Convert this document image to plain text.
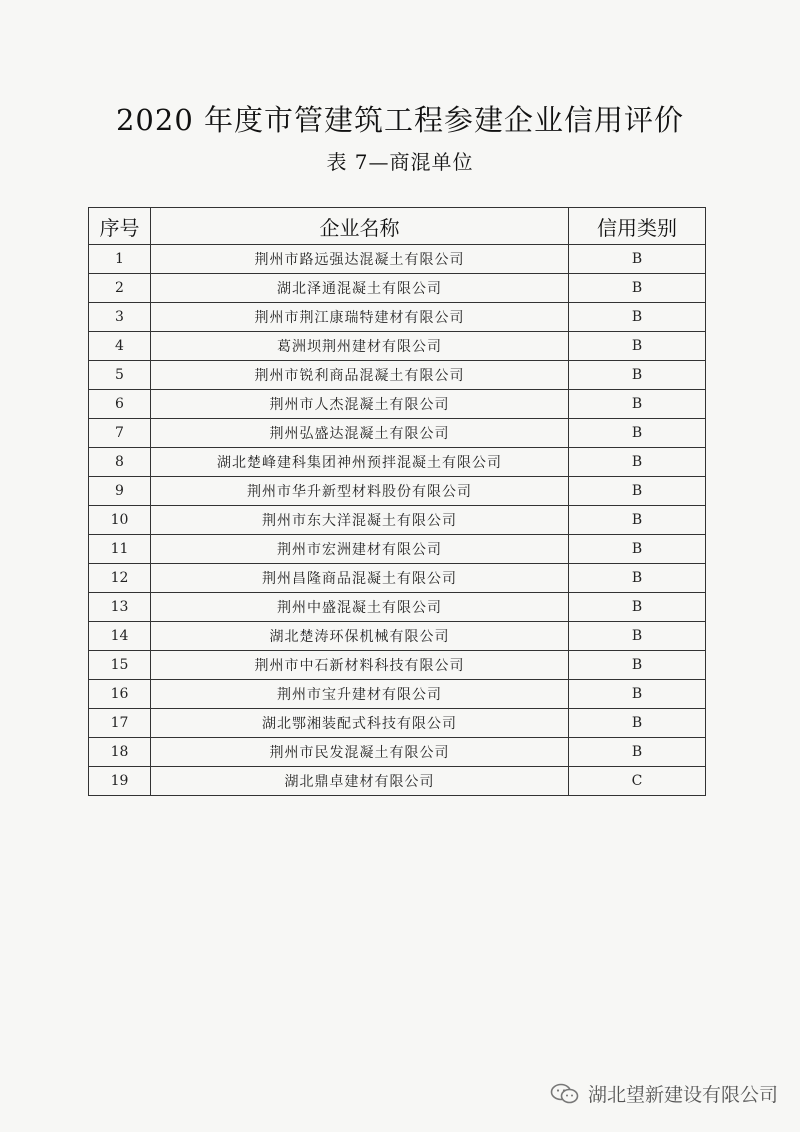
2020 年度市管建筑工程参建企业信用评价
表 7—商混单位
序号	企业名称	信用类别
1	荆州市路远强达混凝土有限公司	B
2	湖北泽通混凝土有限公司	B
3	荆州市荆江康瑞特建材有限公司	B
4	葛洲坝荆州建材有限公司	B
5	荆州市锐利商品混凝土有限公司	B
6	荆州市人杰混凝土有限公司	B
7	荆州弘盛达混凝土有限公司	B
8	湖北楚峰建科集团神州预拌混凝土有限公司	B
9	荆州市华升新型材料股份有限公司	B
10	荆州市东大洋混凝土有限公司	B
11	荆州市宏洲建材有限公司	B
12	荆州昌隆商品混凝土有限公司	B
13	荆州中盛混凝土有限公司	B
14	湖北楚涛环保机械有限公司	B
15	荆州市中石新材料科技有限公司	B
16	荆州市宝升建材有限公司	B
17	湖北鄂湘装配式科技有限公司	B
18	荆州市民发混凝土有限公司	B
19	湖北鼎卓建材有限公司	C
湖北望新建设有限公司
